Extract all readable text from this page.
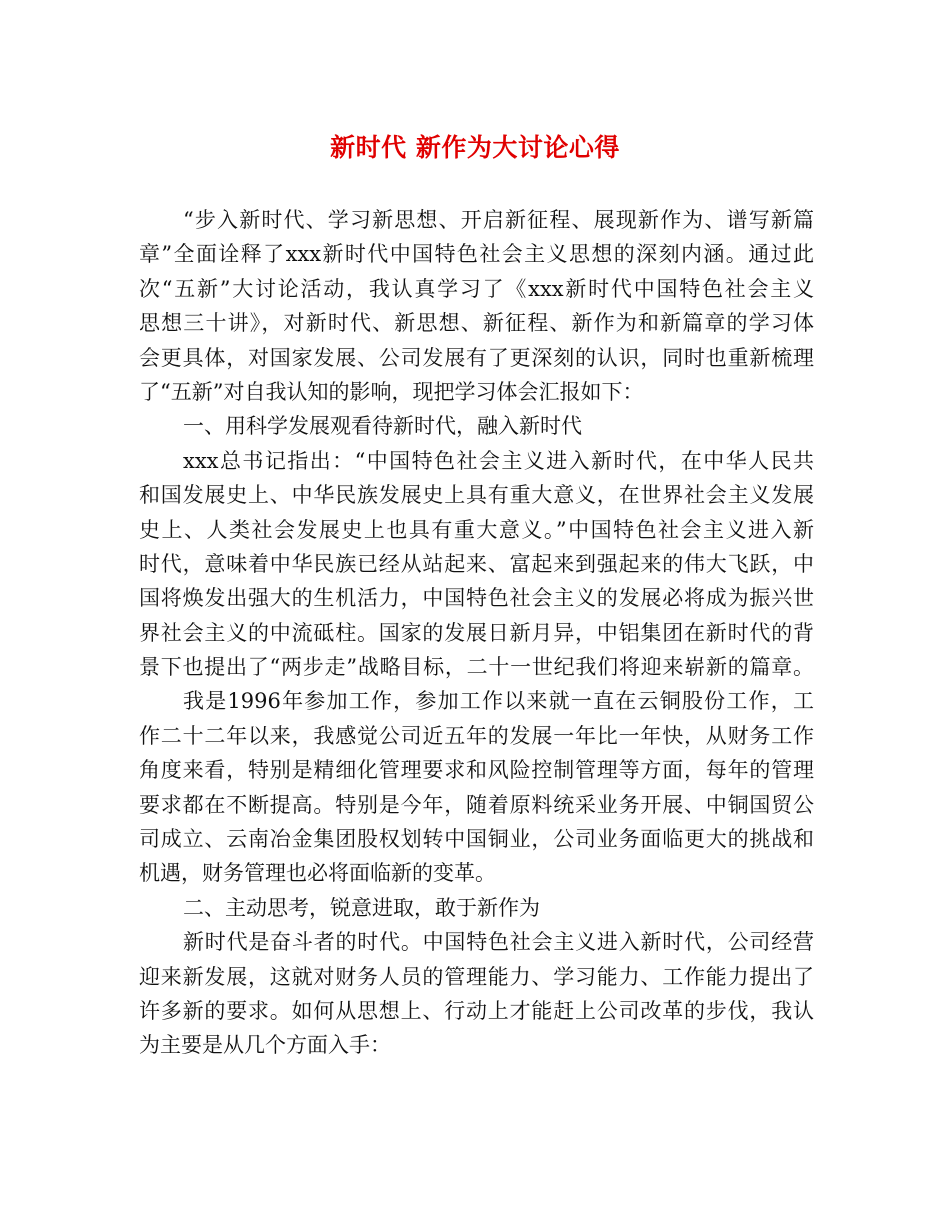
新时代 新作为大讨论心得
“步入新时代、学习新思想、开启新征程、展现新作为、谱写新篇
章”全面诠释了xxx新时代中国特色社会主义思想的深刻内涵。通过此
次“五新”大讨论活动，我认真学习了《xxx新时代中国特色社会主义
思想三十讲》，对新时代、新思想、新征程、新作为和新篇章的学习体
会更具体，对国家发展、公司发展有了更深刻的认识，同时也重新梳理
了“五新”对自我认知的影响，现把学习体会汇报如下：
一、用科学发展观看待新时代，融入新时代
xxx总书记指出：“中国特色社会主义进入新时代，在中华人民共
和国发展史上、中华民族发展史上具有重大意义，在世界社会主义发展
史上、人类社会发展史上也具有重大意义。”中国特色社会主义进入新
时代，意味着中华民族已经从站起来、富起来到强起来的伟大飞跃，中
国将焕发出强大的生机活力，中国特色社会主义的发展必将成为振兴世
界社会主义的中流砥柱。国家的发展日新月异，中铝集团在新时代的背
景下也提出了“两步走”战略目标，二十一世纪我们将迎来崭新的篇章。
我是1996年参加工作，参加工作以来就一直在云铜股份工作，工
作二十二年以来，我感觉公司近五年的发展一年比一年快，从财务工作
角度来看，特别是精细化管理要求和风险控制管理等方面，每年的管理
要求都在不断提高。特别是今年，随着原料统采业务开展、中铜国贸公
司成立、云南冶金集团股权划转中国铜业，公司业务面临更大的挑战和
机遇，财务管理也必将面临新的变革。
二、主动思考，锐意进取，敢于新作为
新时代是奋斗者的时代。中国特色社会主义进入新时代，公司经营
迎来新发展，这就对财务人员的管理能力、学习能力、工作能力提出了
许多新的要求。如何从思想上、行动上才能赶上公司改革的步伐，我认
为主要是从几个方面入手：
